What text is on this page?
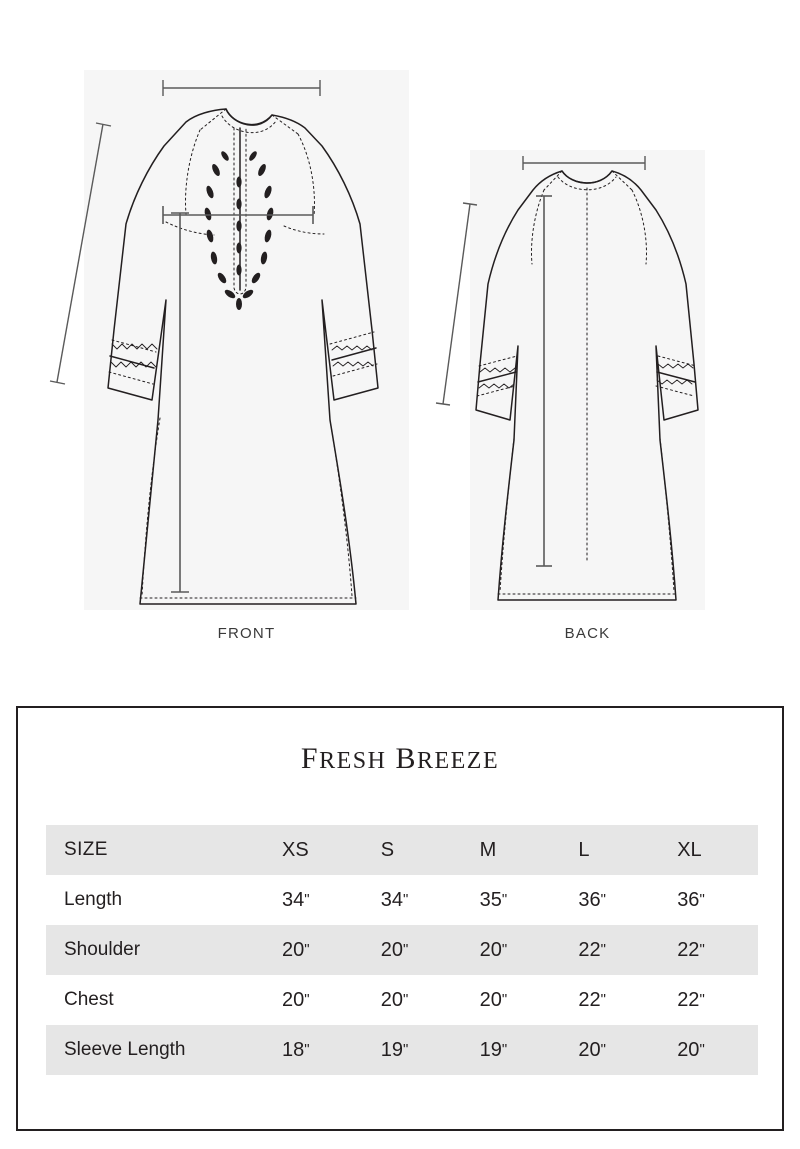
FRONT	BACK
FRESH BREEZE
SIZE	XS	S	M	L	XL
Length	34"	34"	35"	36"	36"
Shoulder	20"	20"	20"	22"	22"
Chest	20"	20"	20"	22"	22"
Sleeve Length	18"	19"	19"	20"	20"
